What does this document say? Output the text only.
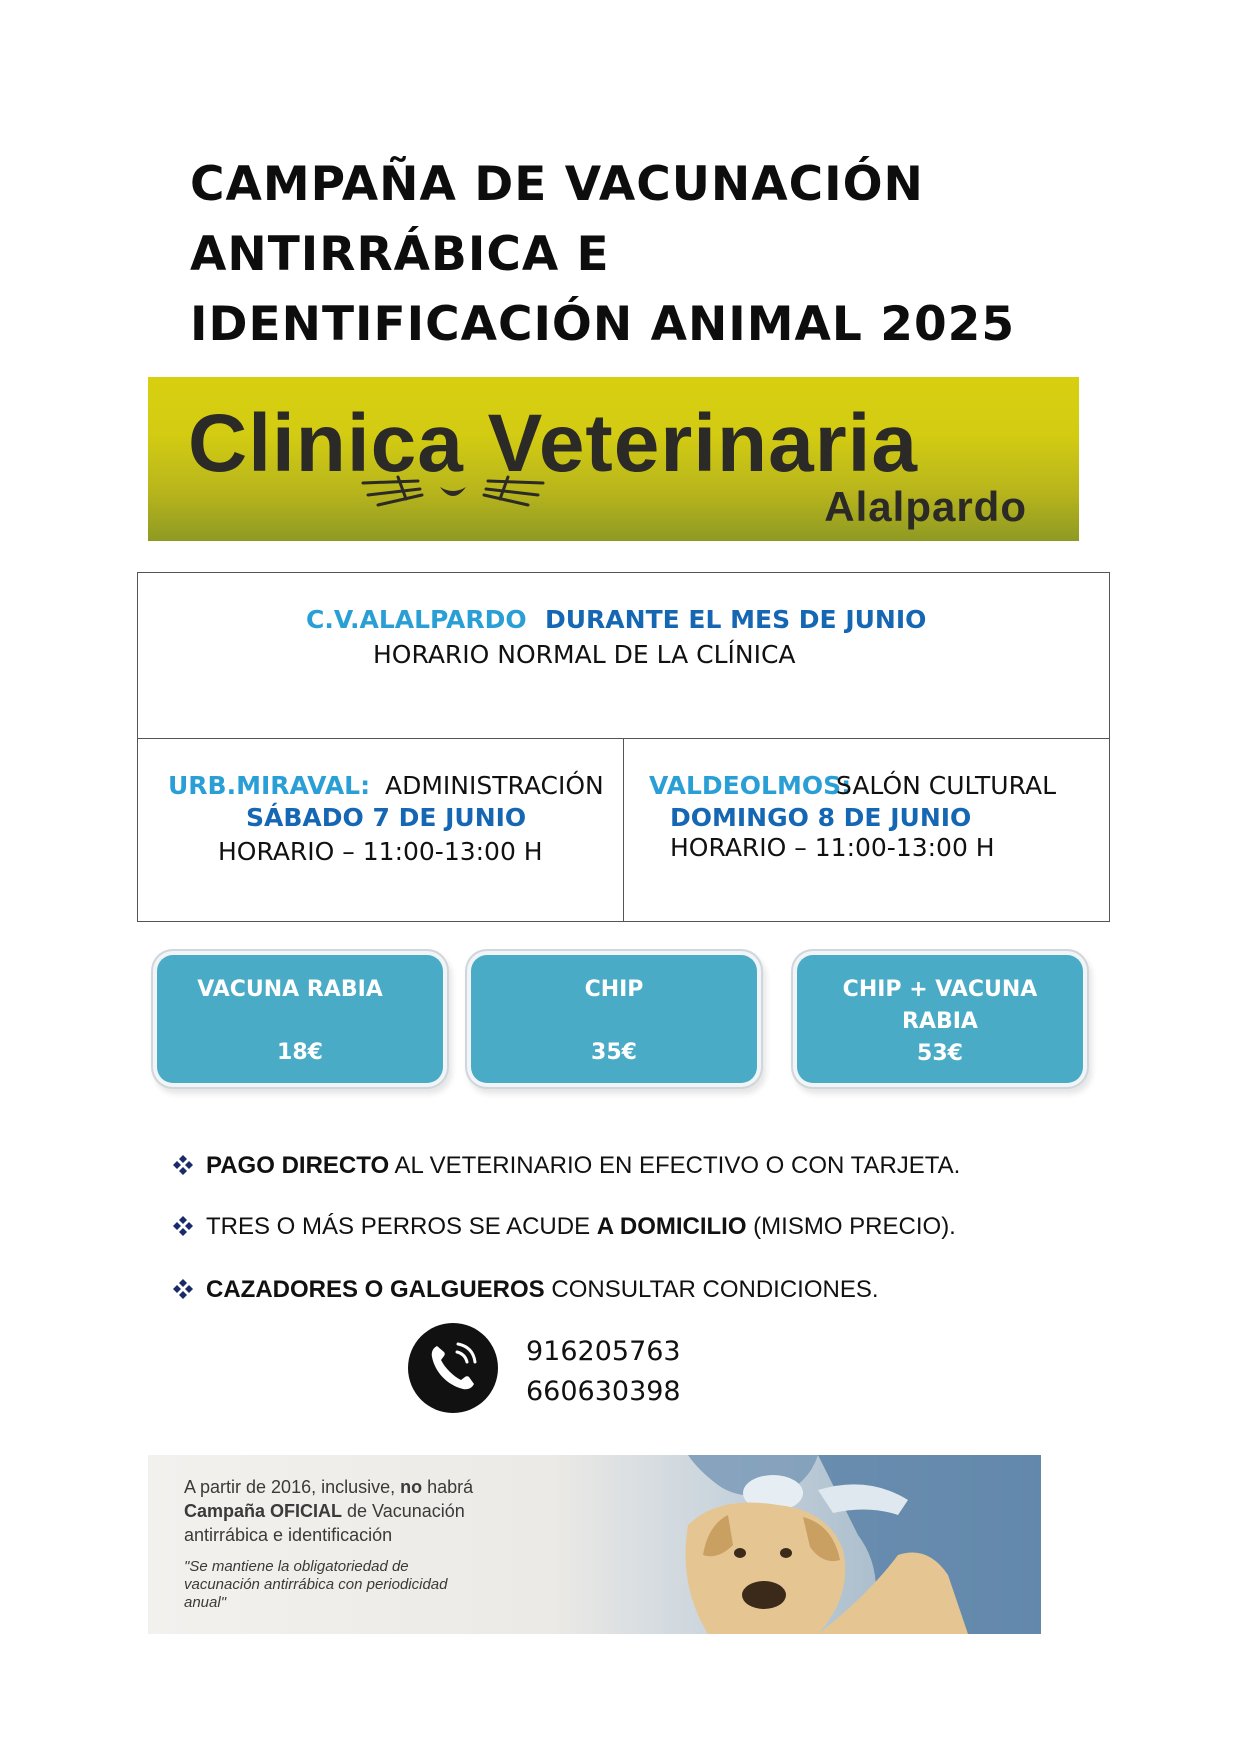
CAMPAÑA DE VACUNACIÓN
ANTIRRÁBICA E
IDENTIFICACIÓN ANIMAL 2025
Clinica Veterinaria
Alalpardo
C.V.ALALPARDO DURANTE EL MES DE JUNIO
HORARIO NORMAL DE LA CLÍNICA
URB.MIRAVAL: ADMINISTRACIÓN
SÁBADO 7 DE JUNIO
HORARIO – 11:00-13:00 H
VALDEOLMOS:
SALÓN CULTURAL
DOMINGO 8 DE JUNIO
HORARIO – 11:00-13:00 H
VACUNA RABIA
18€
CHIP
35€
CHIP + VACUNA
RABIA
53€
PAGO DIRECTO AL VETERINARIO EN EFECTIVO O CON TARJETA.
TRES O MÁS PERROS SE ACUDE A DOMICILIO (MISMO PRECIO).
CAZADORES O GALGUEROS CONSULTAR CONDICIONES.
916205763
660630398
A partir de 2016, inclusive, no habrá
Campaña OFICIAL de Vacunación
antirrábica e identificación
"Se mantiene la obligatoriedad de
vacunación antirrábica con periodicidad
anual"
